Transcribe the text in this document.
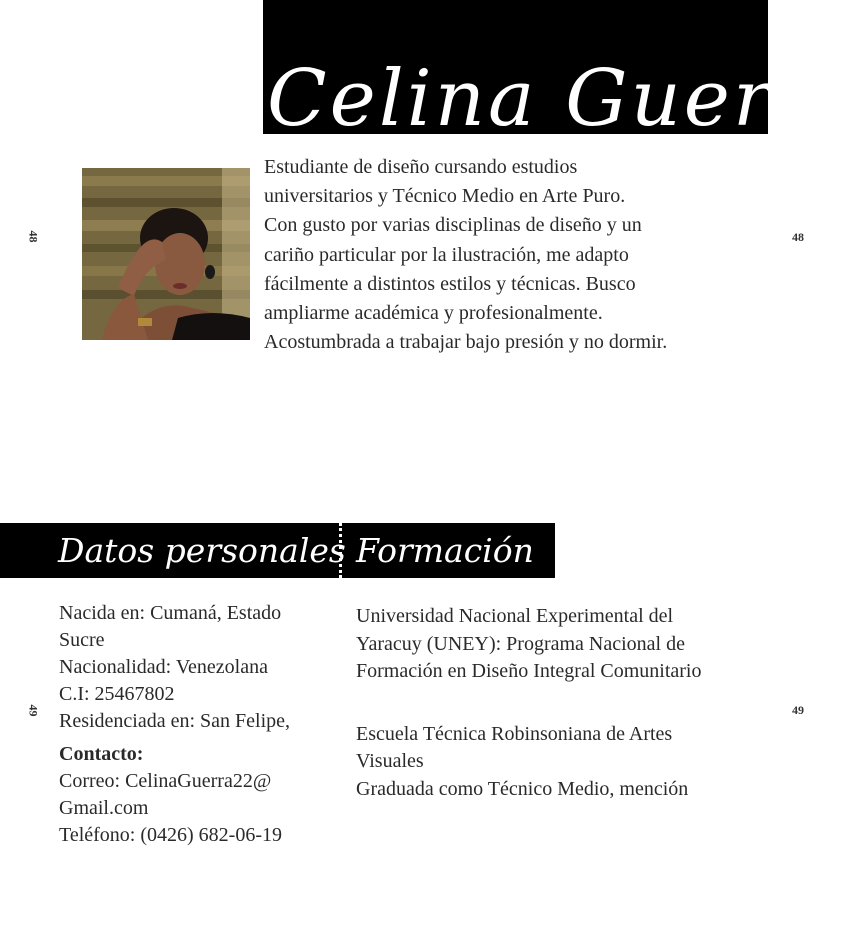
Celina Guerra

Estudiante de diseño cursando estudios

universitarios y Técnico Medio en Arte Puro.

Con gusto por varias disciplinas de diseño y un

cariño particular por la ilustración, me adapto

fácilmente a distintos estilos y técnicas. Busco

ampliarme académica y profesionalmente.

Acostumbrada a trabajar bajo presión y no dormir.

48	48
49	49
Datos personales Formación

Nacida en: Cumaná, Estado

Sucre

Nacionalidad: Venezolana

C.I: 25467802

Residenciada en: San Felipe,

Contacto:

Correo: CelinaGuerra22@

Gmail.com

Teléfono: (0426) 682-06-19

Universidad Nacional Experimental del

Yaracuy (UNEY): Programa Nacional de

Formación en Diseño Integral Comunitario

Escuela Técnica Robinsoniana de Artes

Visuales

Graduada como Técnico Medio, mención
